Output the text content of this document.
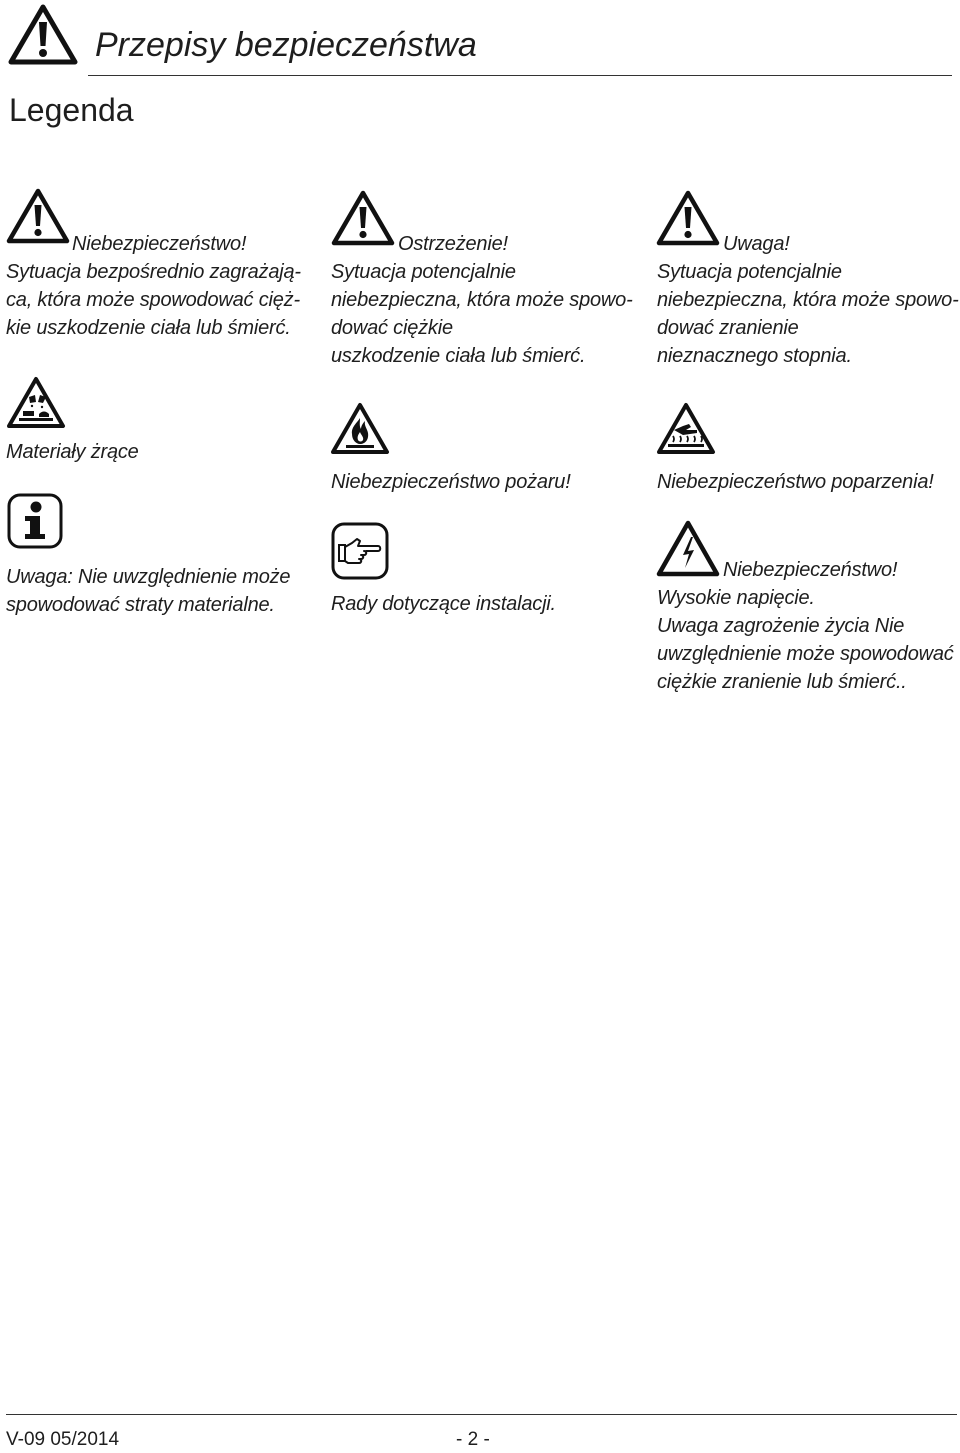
Przepisy bezpieczeństwa
Legenda
Niebezpieczeństwo!
Sytuacja bezpośrednio zagrażają-
ca, która może spowodować cięż-
kie uszkodzenie ciała lub śmierć.
Materiały żrące
Uwaga: Nie uwzględnienie może
spowodować straty materialne.
Ostrzeżenie!
Sytuacja potencjalnie
niebezpieczna, która może spowo-
dować ciężkie
uszkodzenie ciała lub śmierć.
Niebezpieczeństwo pożaru!
Rady dotyczące instalacji.
Uwaga!
Sytuacja potencjalnie
niebezpieczna, która może spowo-
dować zranienie
nieznacznego stopnia.
Niebezpieczeństwo poparzenia!
Niebezpieczeństwo!
Wysokie napięcie.
Uwaga zagrożenie życia Nie
uwzględnienie może spowodować
ciężkie zranienie lub śmierć..
V-09 05/2014	- 2 -
